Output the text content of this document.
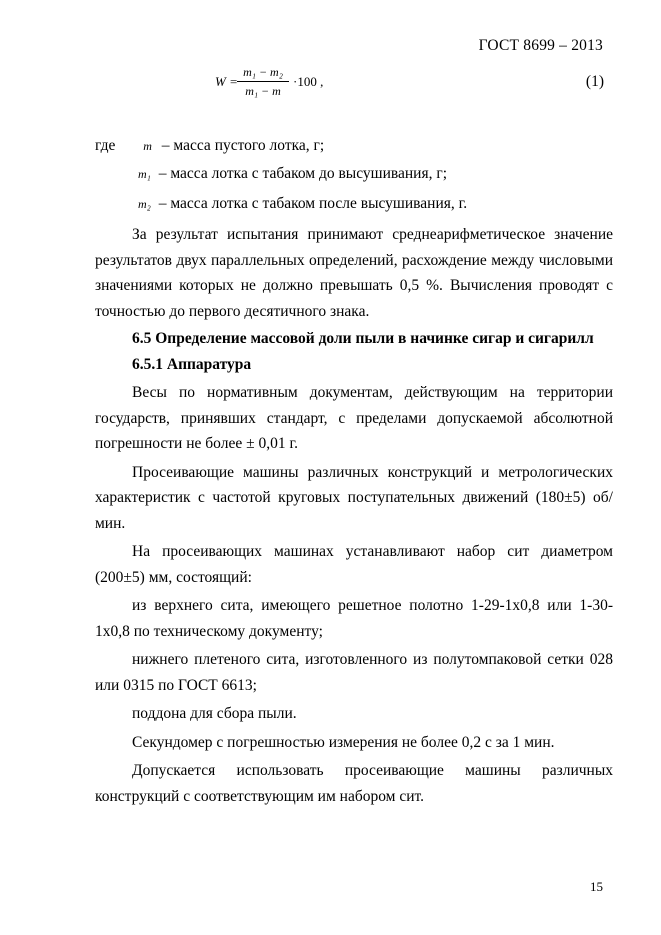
ГОСТ 8699 – 2013
W =
m₁ − m₂
m₁ − m
·100 ,	(1)
где m – масса пустого лотка, г;
m₁ – масса лотка с табаком до высушивания, г;
m₂ – масса лотка с табаком после высушивания, г.

За результат испытания принимают среднеарифметическое значение результатов двух параллельных определений, расхождение между числовыми значениями которых не должно превышать 0,5 %. Вычисления проводят с точностью до первого десятичного знака.

6.5 Определение массовой доли пыли в начинке сигар и сигарилл

6.5.1 Аппаратура

Весы по нормативным документам, действующим на территории государств, принявших стандарт, с пределами допускаемой абсолютной погрешности не более ± 0,01 г.

Просеивающие машины различных конструкций и метрологических характеристик с частотой круговых поступательных движений (180±5) об/мин.

На просеивающих машинах устанавливают набор сит диаметром (200±5) мм, состоящий:

из верхнего сита, имеющего решетное полотно 1-29-1х0,8 или 1-30-1х0,8 по техническому документу;

нижнего плетеного сита, изготовленного из полутомпаковой сетки 028 или 0315 по ГОСТ 6613;

поддона для сбора пыли.

Секундомер с погрешностью измерения не более 0,2 с за 1 мин.

Допускается использовать просеивающие машины различных конструкций с соответствующим им набором сит.

15
